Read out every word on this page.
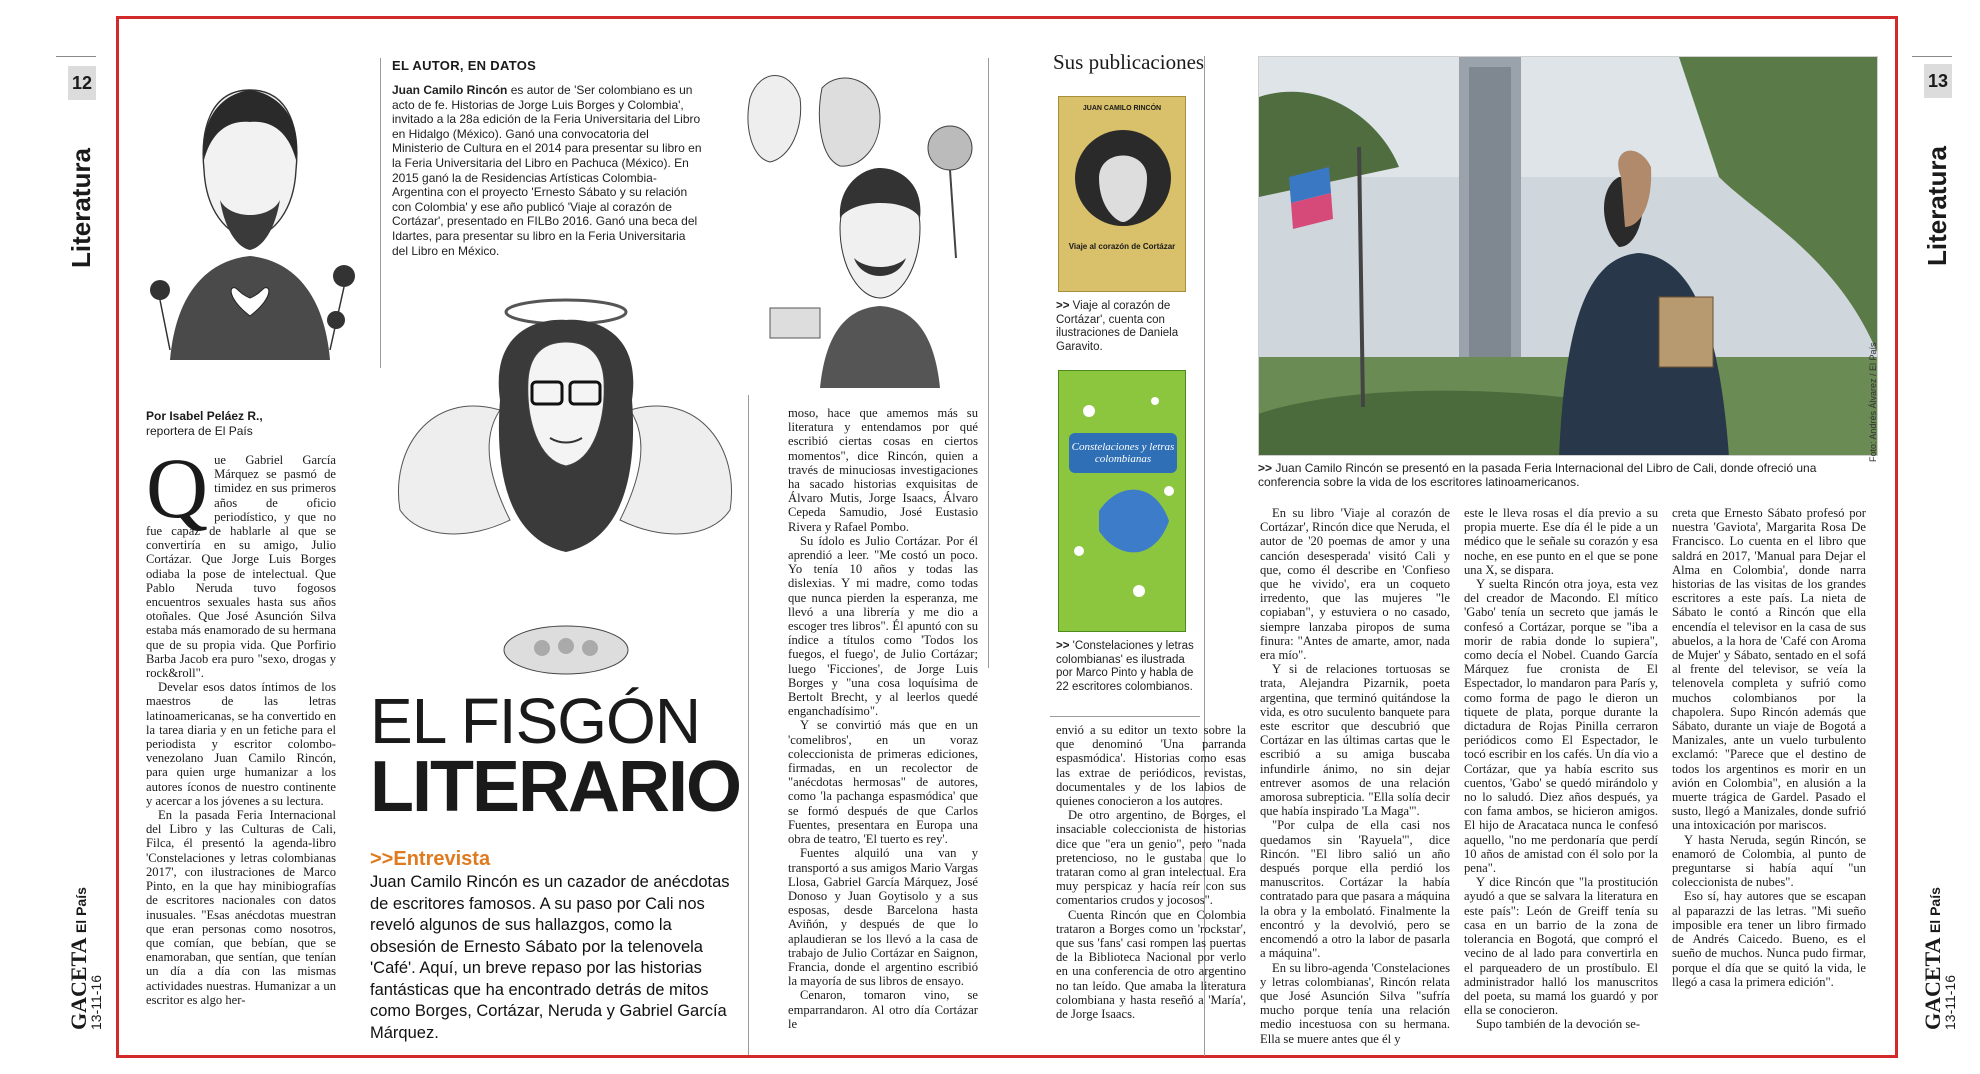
12
Literatura
GACETA El País
13-11-16
13
Literatura
GACETA El País
13-11-16
EL AUTOR, EN DATOS
Juan Camilo Rincón es autor de 'Ser colombiano es un acto de fe. Historias de Jorge Luis Borges y Colombia', invitado a la 28a edición de la Feria Universitaria del Libro en Hidalgo (México). Ganó una convocatoria del Ministerio de Cultura en el 2014 para presentar su libro en la Feria Universitaria del Libro en Pachuca (México). En 2015 ganó la de Residencias Artísticas Colombia-Argentina con el proyecto 'Ernesto Sábato y su relación con Colombia' y ese año publicó 'Viaje al corazón de Cortázar', presentado en FILBo 2016. Ganó una beca del Idartes, para presentar su libro en la Feria Universitaria del Libro en México.
Por Isabel Peláez R.,
reportera de El País
Q ue Gabriel García Márquez se pasmó de timidez en sus primeros años de oficio periodístico, y que no fue capaz de hablarle al que se convertiría en su amigo, Julio Cortázar. Que Jorge Luis Borges odiaba la pose de intelectual. Que Pablo Neruda tuvo fogosos encuentros sexuales hasta sus años otoñales. Que José Asunción Silva estaba más enamorado de su hermana que de su propia vida. Que Porfirio Barba Jacob era puro "sexo, drogas y rock&roll".

Develar esos datos íntimos de los maestros de las letras latinoamericanas, se ha convertido en la tarea diaria y en un fetiche para el periodista y escritor colombo-venezolano Juan Camilo Rincón, para quien urge humanizar a los autores íconos de nuestro continente y acercar a los jóvenes a su lectura.

En la pasada Feria Internacional del Libro y las Culturas de Cali, Filca, él presentó la agenda-libro 'Constelaciones y letras colombianas 2017', con ilustraciones de Marco Pinto, en la que hay minibiografías de escritores nacionales con datos inusuales. "Esas anécdotas muestran que eran personas como nosotros, que comían, que bebían, que se enamoraban, que sentían, que tenían un día a día con las mismas actividades nuestras. Humanizar a un escritor es algo her-

EL FISGÓN
LITERARIO
>>Entrevista
Juan Camilo Rincón es un cazador de anécdotas de escritores famosos. A su paso por Cali nos reveló algunos de sus hallazgos, como la obsesión de Ernesto Sábato por la telenovela 'Café'. Aquí, un breve repaso por las historias fantásticas que ha encontrado detrás de mitos como Borges, Cortázar, Neruda y Gabriel García Márquez.

moso, hace que amemos más su literatura y entendamos por qué escribió ciertas cosas en ciertos momentos", dice Rincón, quien a través de minuciosas investigaciones ha sacado historias exquisitas de Álvaro Mutis, Jorge Isaacs, Álvaro Cepeda Samudio, José Eustasio Rivera y Rafael Pombo.

Su ídolo es Julio Cortázar. Por él aprendió a leer. "Me costó un poco. Yo tenía 10 años y todas las dislexias. Y mi madre, como todas que nunca pierden la esperanza, me llevó a una librería y me dio a escoger tres libros". Él apuntó con su índice a títulos como 'Todos los fuegos, el fuego', de Julio Cortázar; luego 'Ficciones', de Jorge Luis Borges y "una cosa loquísima de Bertolt Brecht, y al leerlos quedé enganchadísimo".

Y se convirtió más que en un 'comelibros', en un voraz coleccionista de primeras ediciones, firmadas, en un recolector de "anécdotas hermosas" de autores, como 'la pachanga espasmódica' que se formó después de que Carlos Fuentes, presentara en Europa una obra de teatro, 'El tuerto es rey'.

Fuentes alquiló una van y transportó a sus amigos Mario Vargas Llosa, Gabriel García Márquez, José Donoso y Juan Goytisolo y a sus esposas, desde Barcelona hasta Aviñón, y después de que lo aplaudieran se los llevó a la casa de trabajo de Julio Cortázar en Saignon, Francia, donde el argentino escribió la mayoría de sus libros de ensayo.

Cenaron, tomaron vino, se emparrandaron. Al otro día Cortázar le

Sus publicaciones
JUAN CAMILO RINCÓN
Viaje al corazón de Cortázar
>> Viaje al corazón de Cortázar', cuenta con ilustraciones de Daniela Garavito.
Constelaciones y letras colombianas
>> 'Constelaciones y letras colombianas' es ilustrada por Marco Pinto y habla de 22 escritores colombianos.
Foto: Andrés Álvarez / El País
>> Juan Camilo Rincón se presentó en la pasada Feria Internacional del Libro de Cali, donde ofreció una conferencia sobre la vida de los escritores latinoamericanos.

envió a su editor un texto sobre la que denominó 'Una parranda espasmódica'. Historias como esas las extrae de periódicos, revistas, documentales y de los labios de quienes conocieron a los autores.

De otro argentino, de Borges, el insaciable coleccionista de historias dice que "era un genio", pero "nada pretencioso, no le gustaba que lo trataran como al gran intelectual. Era muy perspicaz y hacía reír con sus comentarios crudos y jocosos".

Cuenta Rincón que en Colombia trataron a Borges como un 'rockstar', que sus 'fans' casi rompen las puertas de la Biblioteca Nacional por verlo en una conferencia de otro argentino no tan leído. Que amaba la literatura colombiana y hasta reseñó a 'María', de Jorge Isaacs.

En su libro 'Viaje al corazón de Cortázar', Rincón dice que Neruda, el autor de '20 poemas de amor y una canción desesperada' visitó Cali y que, como él describe en 'Confieso que he vivido', era un coqueto irredento, que las mujeres "le copiaban", y estuviera o no casado, siempre lanzaba piropos de suma finura: "Antes de amarte, amor, nada era mío".

Y si de relaciones tortuosas se trata, Alejandra Pizarnik, poeta argentina, que terminó quitándose la vida, es otro suculento banquete para este escritor que descubrió que Cortázar en las últimas cartas que le escribió a su amiga buscaba infundirle ánimo, no sin dejar entrever asomos de una relación amorosa subrepticia. "Ella solía decir que había inspirado 'La Maga'".

"Por culpa de ella casi nos quedamos sin 'Rayuela'", dice Rincón. "El libro salió un año después porque ella perdió los manuscritos. Cortázar la había contratado para que pasara a máquina la obra y la embolató. Finalmente la encontró y la devolvió, pero se encomendó a otro la labor de pasarla a máquina".

En su libro-agenda 'Constelaciones y letras colombianas', Rincón relata que José Asunción Silva "sufría mucho porque tenía una relación medio incestuosa con su hermana. Ella se muere antes que él y

este le lleva rosas el día previo a su propia muerte. Ese día él le pide a un médico que le señale su corazón y esa noche, en ese punto en el que se pone una X, se dispara.

Y suelta Rincón otra joya, esta vez del creador de Macondo. El mítico 'Gabo' tenía un secreto que jamás le confesó a Cortázar, porque se "iba a morir de rabia donde lo supiera", como decía el Nobel. Cuando García Márquez fue cronista de El Espectador, lo mandaron para París y, como forma de pago le dieron un tiquete de plata, porque durante la dictadura de Rojas Pinilla cerraron periódicos como El Espectador, le tocó escribir en los cafés. Un día vio a Cortázar, que ya había escrito sus cuentos, 'Gabo' se quedó mirándolo y no lo saludó. Diez años después, ya con fama ambos, se hicieron amigos. El hijo de Aracataca nunca le confesó aquello, "no me perdonaría que perdí 10 años de amistad con él solo por la pena".

Y dice Rincón que "la prostitución ayudó a que se salvara la literatura en este país": León de Greiff tenía su casa en un barrio de la zona de tolerancia en Bogotá, que compró el vecino de al lado para convertirla en el parqueadero de un prostíbulo. El administrador halló los manuscritos del poeta, su mamá los guardó y por ella se conocieron.

Supo también de la devoción se-

creta que Ernesto Sábato profesó por nuestra 'Gaviota', Margarita Rosa De Francisco. Lo cuenta en el libro que saldrá en 2017, 'Manual para Dejar el Alma en Colombia', donde narra historias de las visitas de los grandes escritores a este país. La nieta de Sábato le contó a Rincón que ella encendía el televisor en la casa de sus abuelos, a la hora de 'Café con Aroma de Mujer' y Sábato, sentado en el sofá al frente del televisor, se veía la telenovela completa y sufrió como muchos colombianos por la chapolera. Supo Rincón además que Sábato, durante un viaje de Bogotá a Manizales, ante un vuelo turbulento exclamó: "Parece que el destino de todos los argentinos es morir en un avión en Colombia", en alusión a la muerte trágica de Gardel. Pasado el susto, llegó a Manizales, donde sufrió una intoxicación por mariscos.

Y hasta Neruda, según Rincón, se enamoró de Colombia, al punto de preguntarse si había aquí "un coleccionista de nubes".

Eso sí, hay autores que se escapan al paparazzi de las letras. "Mi sueño imposible era tener un libro firmado de Andrés Caicedo. Bueno, es el sueño de muchos. Nunca pudo firmar, porque el día que se quitó la vida, le llegó a casa la primera edición".
